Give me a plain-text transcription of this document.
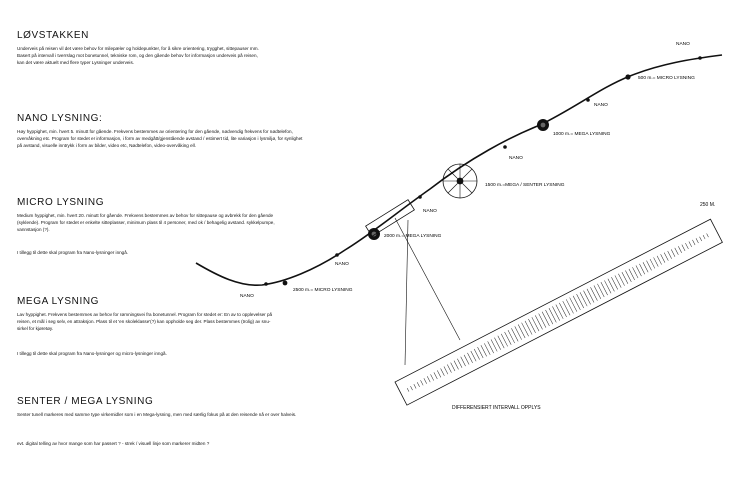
LØVSTAKKEN

Underveis på reisen vil det være behov for milepæler og holdepunkter, for å sikre orientering, trygghet, sittepauser mm. Basert på intervall i tverrslag mot bonetunnel, tekniske rom, og den gående behov for informasjon underveis på reisen, kan det være aktuelt med flere typer Lysninger underveis.

NANO LYSNING:

Høy hyppighet, min. hvert 5. minutt for gående. Frekvens bestemmes av orientering for den gående, nødvendig frekvens for nødtelefon, overvåkning etc. Program for stedet er informasjon, i form av medgått/gjenstående avstand / estimert tid, lite variasjon i lysmiljø, for synlighet på avstand, visuelle inntrykk i form av bilder, video etc, Nødtelefon, video-overvåking ell.

MICRO LYSNING

Medium hyppighet, min. hvert 20. minutt for gående. Frekvens bestemmes av behov for sittepause og avbrekk for den gående (syklende). Program for stedet er enkelte sitteplasser, minimum plass til 4 personer, med ok / behagelig avstand. sykkelpumpe, vannstasjon (?).

I tillegg til dette skal program fra Nano-lysninger inngå.

MEGA LYSNING

Lav hyppighet. Frekvens bestemmes av behov for rømningsvei fra bonetunnel. Program for stedet er: En av to opplevelser på reisen, et mål i seg selv, en attraksjon. Plass til et 'en skoleklasse'(?) kan oppholde seg der. Plass bestemmes (trolig) av snu-sirkel for kjøretøy.

I tillegg til dette skal program fra Nano-lysninger og micro-lysninger inngå.

SENTER / MEGA LYSNING

Senter tunell markeres med samme type virkemidler som i en Mega-lysning, men med særlig fokus på at den reisende nå er over halveis.

evt. digital telling av hvor mange som har passert ? - strek / visuell linje som markerer midten ?

NANO
500 m.= MICRO LYSNING
NANO
1000 m.= MEGA LYSNING
NANO
1500 m.=MEGA / SENTER LYSNING
NANO
2000 m.= MEGA LYSNING
NANO
2500 m.= MICRO LYSNING
NANO
250 M.
DIFFERENSIERT INTERVALL OPPLYS
